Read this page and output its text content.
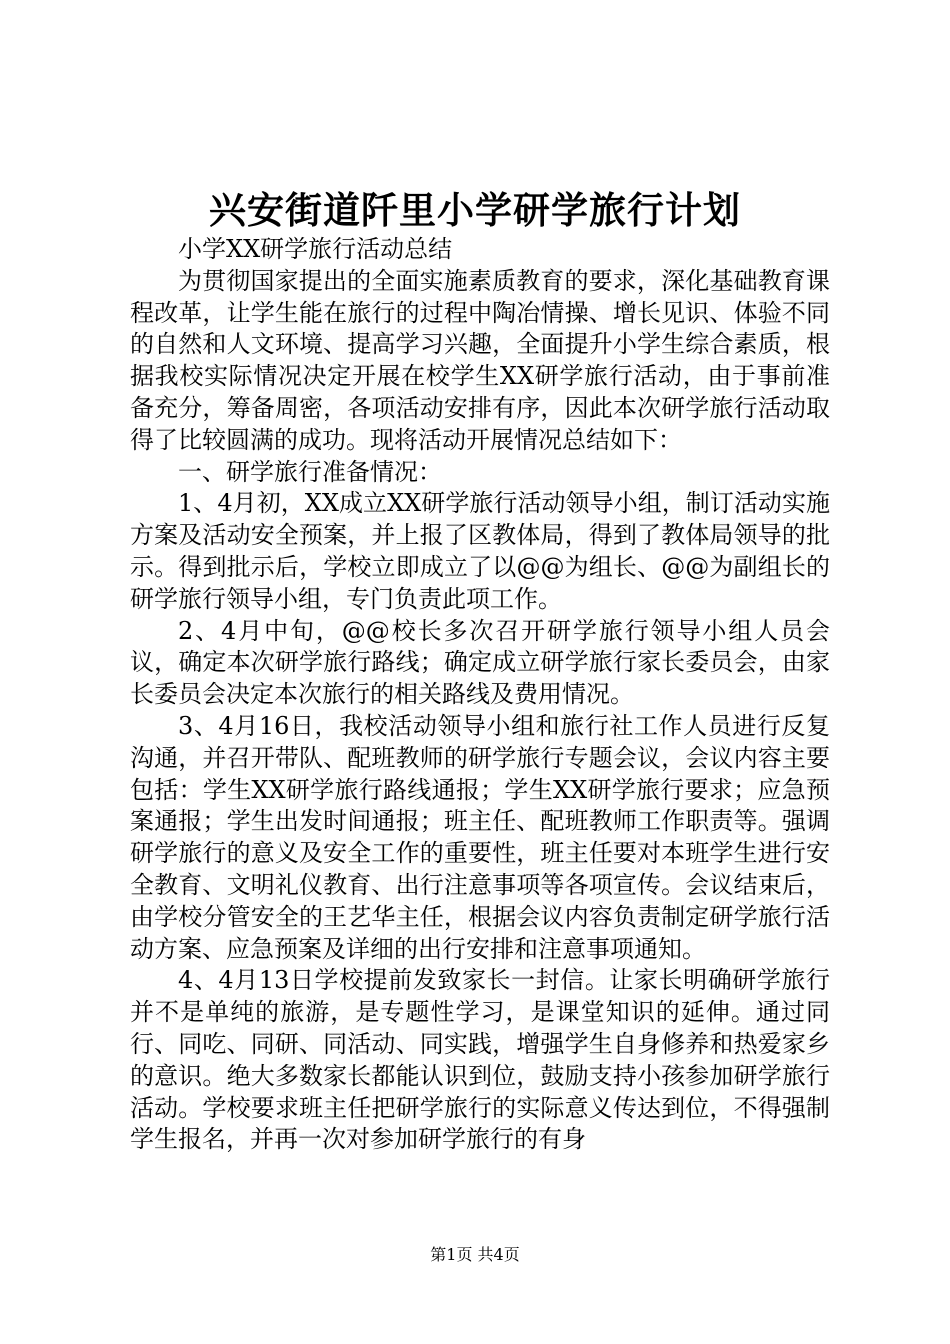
兴安街道阡里小学研学旅行计划

小学XX研学旅行活动总结

为贯彻国家提出的全面实施素质教育的要求，深化基础教育课程改革，让学生能在旅行的过程中陶冶情操、增长见识、体验不同的自然和人文环境、提高学习兴趣，全面提升小学生综合素质，根据我校实际情况决定开展在校学生XX研学旅行活动，由于事前准备充分，筹备周密，各项活动安排有序，因此本次研学旅行活动取得了比较圆满的成功。现将活动开展情况总结如下：

一、研学旅行准备情况：

1、4月初，XX成立XX研学旅行活动领导小组，制订活动实施方案及活动安全预案，并上报了区教体局，得到了教体局领导的批示。得到批示后，学校立即成立了以@@为组长、@@为副组长的研学旅行领导小组，专门负责此项工作。

2、4月中旬，@@校长多次召开研学旅行领导小组人员会议，确定本次研学旅行路线；确定成立研学旅行家长委员会，由家长委员会决定本次旅行的相关路线及费用情况。

3、4月16日，我校活动领导小组和旅行社工作人员进行反复沟通，并召开带队、配班教师的研学旅行专题会议，会议内容主要包括：学生XX研学旅行路线通报；学生XX研学旅行要求；应急预案通报；学生出发时间通报；班主任、配班教师工作职责等。强调研学旅行的意义及安全工作的重要性，班主任要对本班学生进行安全教育、文明礼仪教育、出行注意事项等各项宣传。会议结束后，由学校分管安全的王艺华主任，根据会议内容负责制定研学旅行活动方案、应急预案及详细的出行安排和注意事项通知。

4、4月13日学校提前发致家长一封信。让家长明确研学旅行并不是单纯的旅游，是专题性学习，是课堂知识的延伸。通过同行、同吃、同研、同活动、同实践，增强学生自身修养和热爱家乡的意识。绝大多数家长都能认识到位，鼓励支持小孩参加研学旅行活动。学校要求班主任把研学旅行的实际意义传达到位，不得强制学生报名，并再一次对参加研学旅行的有身

第1页 共4页
